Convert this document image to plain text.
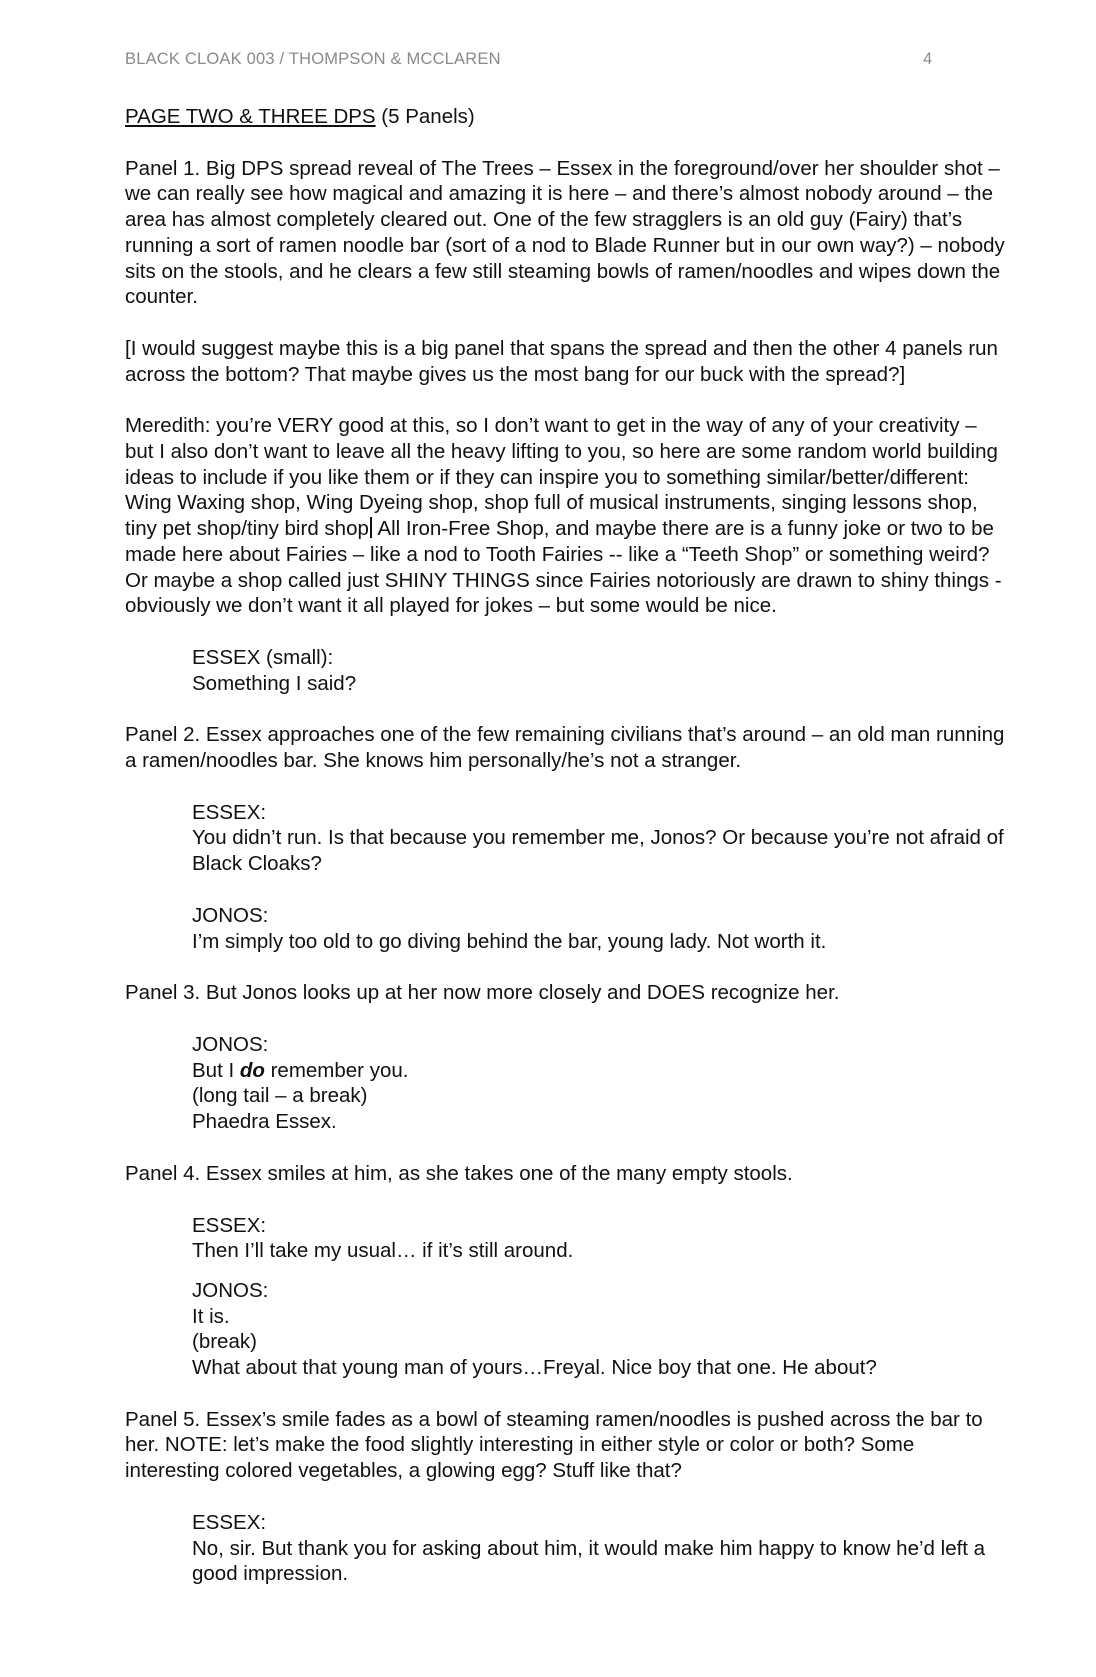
BLACK CLOAK 003 / THOMPSON & MCCLAREN	4

PAGE TWO & THREE DPS (5 Panels)

Panel 1. Big DPS spread reveal of The Trees – Essex in the foreground/over her shoulder shot – we can really see how magical and amazing it is here – and there’s almost nobody around – the area has almost completely cleared out. One of the few stragglers is an old guy (Fairy) that’s running a sort of ramen noodle bar (sort of a nod to Blade Runner but in our own way?) – nobody sits on the stools, and he clears a few still steaming bowls of ramen/noodles and wipes down the counter.

[I would suggest maybe this is a big panel that spans the spread and then the other 4 panels run across the bottom? That maybe gives us the most bang for our buck with the spread?]

Meredith: you’re VERY good at this, so I don’t want to get in the way of any of your creativity – but I also don’t want to leave all the heavy lifting to you, so here are some random world building ideas to include if you like them or if they can inspire you to something similar/better/different: Wing Waxing shop, Wing Dyeing shop, shop full of musical instruments, singing lessons shop, tiny pet shop/tiny bird shop All Iron-Free Shop, and maybe there are is a funny joke or two to be made here about Fairies – like a nod to Tooth Fairies -- like a “Teeth Shop” or something weird? Or maybe a shop called just SHINY THINGS since Fairies notoriously are drawn to shiny things - obviously we don’t want it all played for jokes – but some would be nice.

ESSEX (small):
Something I said?

Panel 2. Essex approaches one of the few remaining civilians that’s around – an old man running a ramen/noodles bar. She knows him personally/he’s not a stranger.

ESSEX:
You didn’t run. Is that because you remember me, Jonos? Or because you’re not afraid of Black Cloaks?
JONOS:
I’m simply too old to go diving behind the bar, young lady. Not worth it.

Panel 3. But Jonos looks up at her now more closely and DOES recognize her.

JONOS:
But I do remember you.
(long tail – a break)
Phaedra Essex.

Panel 4. Essex smiles at him, as she takes one of the many empty stools.

ESSEX:
Then I’ll take my usual… if it’s still around.
JONOS:
It is.
(break)
What about that young man of yours…Freyal. Nice boy that one. He about?

Panel 5. Essex’s smile fades as a bowl of steaming ramen/noodles is pushed across the bar to her. NOTE: let’s make the food slightly interesting in either style or color or both? Some interesting colored vegetables, a glowing egg? Stuff like that?

ESSEX:
No, sir. But thank you for asking about him, it would make him happy to know he’d left a good impression.
